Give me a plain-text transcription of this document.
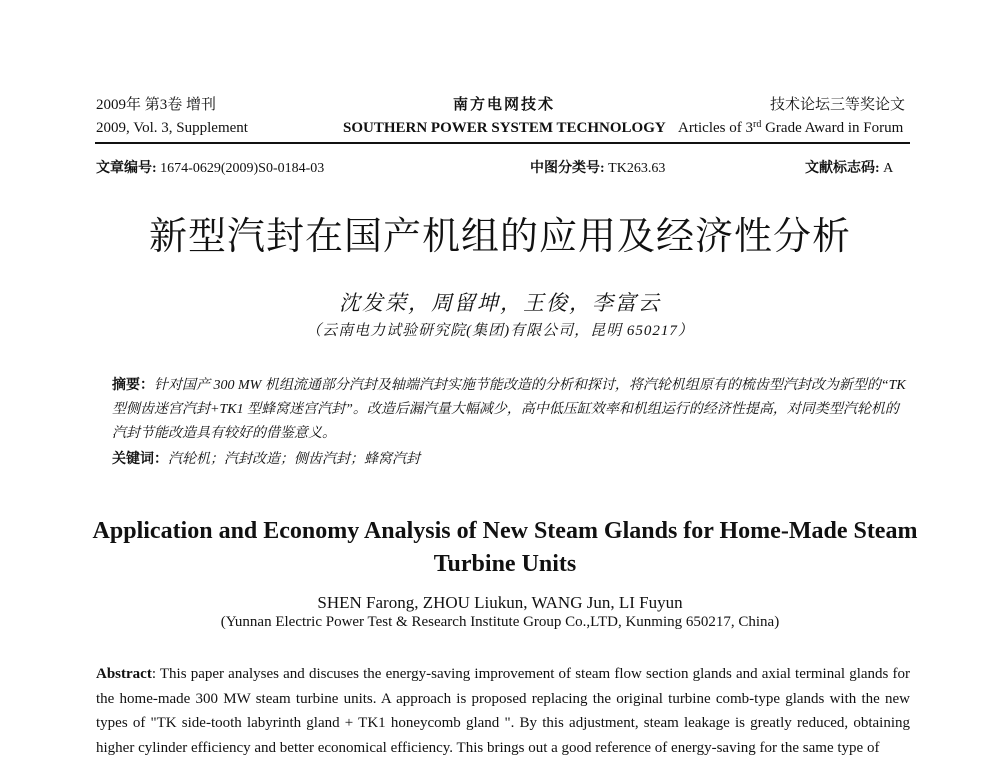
2009年 第3卷 增刊
2009, Vol. 3, Supplement
南方电网技术
SOUTHERN POWER SYSTEM TECHNOLOGY
技术论坛三等奖论文
Articles of 3rd Grade Award in Forum
文章编号: 1674-0629(2009)S0-0184-03	中图分类号: TK263.63	文献标志码: A
新型汽封在国产机组的应用及经济性分析
沈发荣，周留坤，王俊，李富云
（云南电力试验研究院(集团)有限公司，昆明 650217）
摘要：针对国产 300 MW 机组流通部分汽封及轴端汽封实施节能改造的分析和探讨，将汽轮机组原有的梳齿型汽封改为新型的“TK 型侧齿迷宫汽封+TK1 型蜂窝迷宫汽封”。改造后漏汽量大幅减少，高中低压缸效率和机组运行的经济性提高，对同类型汽轮机的汽封节能改造具有较好的借鉴意义。
关键词：汽轮机；汽封改造；侧齿汽封；蜂窝汽封
Application and Economy Analysis of New Steam Glands for Home-Made Steam Turbine Units
SHEN Farong, ZHOU Liukun, WANG Jun, LI Fuyun
(Yunnan Electric Power Test & Research Institute Group Co.,LTD, Kunming 650217, China)
Abstract: This paper analyses and discuses the energy-saving improvement of steam flow section glands and axial terminal glands for the home-made 300 MW steam turbine units. A approach is proposed replacing the original turbine comb-type glands with the new types of "TK side-tooth labyrinth gland + TK1 honeycomb gland ". By this adjustment, steam leakage is greatly reduced, obtaining higher cylinder efficiency and better economical efficiency. This brings out a good reference of energy-saving for the same type of
